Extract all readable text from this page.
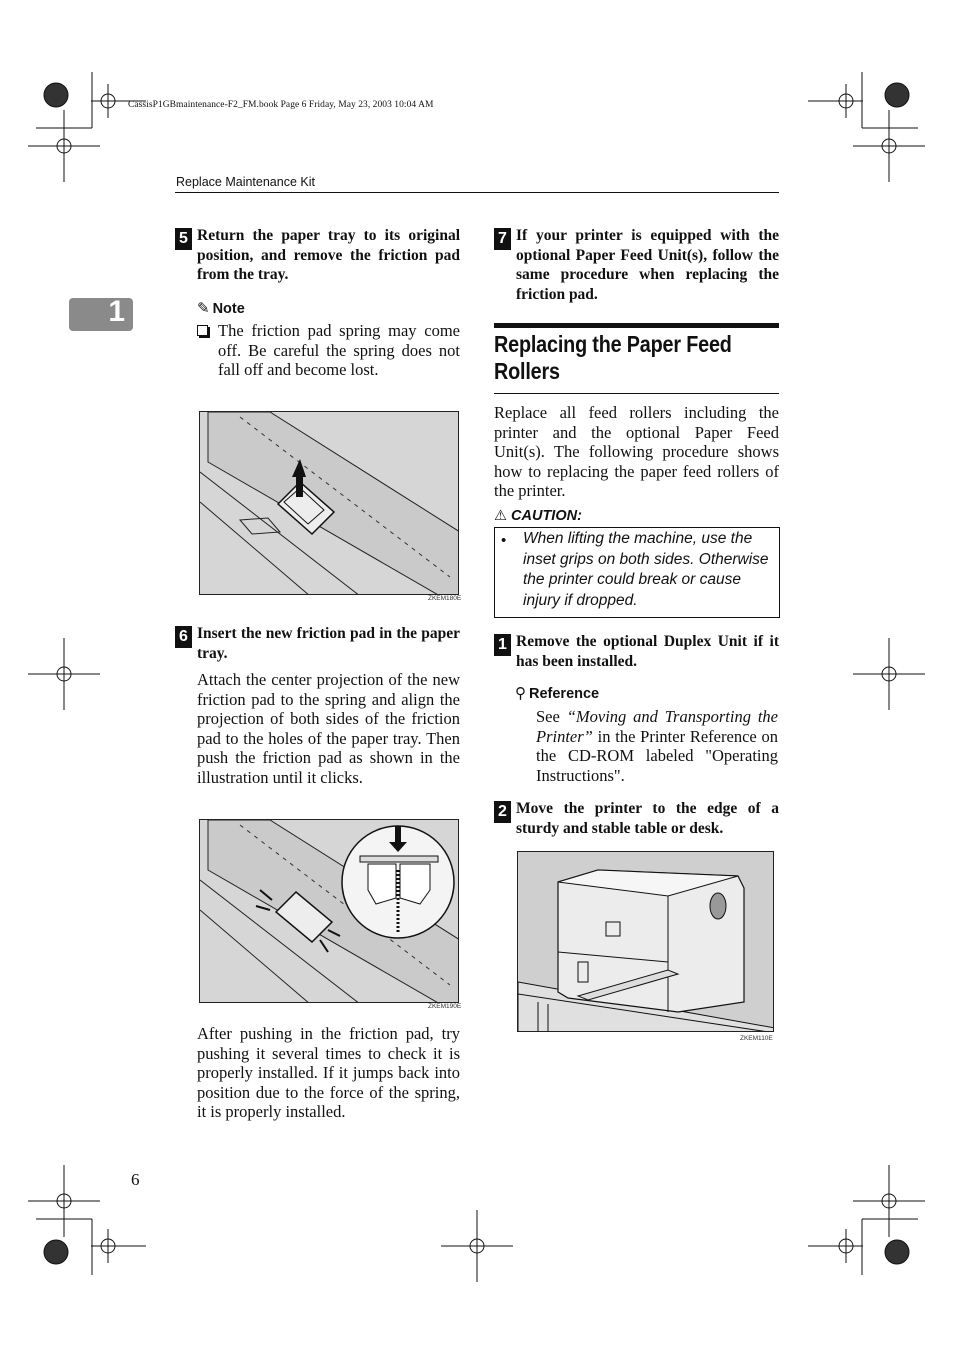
CassisP1GBmaintenance-F2_FM.book Page 6 Friday, May 23, 2003 10:04 AM
Replace Maintenance Kit
1
5 Return the paper tray to its original position, and remove the friction pad from the tray.
✎ Note
The friction pad spring may come off. Be careful the spring does not fall off and become lost.
ZKEM180E
6 Insert the new friction pad in the paper tray.
Attach the center projection of the new friction pad to the spring and align the projection of both sides of the friction pad to the holes of the paper tray. Then push the friction pad as shown in the illustration until it clicks.
ZKEM190E
After pushing in the friction pad, try pushing it several times to check it is properly installed. If it jumps back into position due to the force of the spring, it is properly installed.
6
7 If your printer is equipped with the optional Paper Feed Unit(s), follow the same procedure when replacing the friction pad.
Replacing the Paper Feed Rollers
Replace all feed rollers including the printer and the optional Paper Feed Unit(s). The following procedure shows how to replacing the paper feed rollers of the printer.
⚠ CAUTION:
• When lifting the machine, use the inset grips on both sides. Otherwise the printer could break or cause injury if dropped.
1 Remove the optional Duplex Unit if it has been installed.
⚲ Reference
See “Moving and Transporting the Printer” in the Printer Reference on the CD-ROM labeled "Operating Instructions".
2 Move the printer to the edge of a sturdy and stable table or desk.
ZKEM110E
